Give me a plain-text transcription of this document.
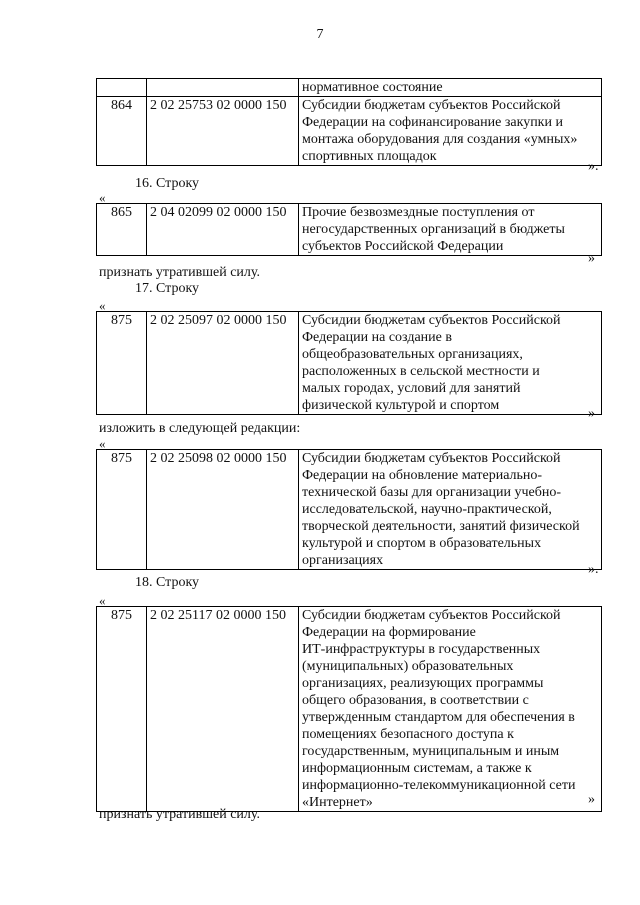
7

		нормативное состояние

864	2 02 25753 02 0000 150	Субсидии бюджетам субъектов Российской
Федерации на софинансирование закупки и
монтажа оборудования для создания «умных»
спортивных площадок
».
16. Строку
«
865	2 04 02099 02 0000 150	Прочие безвозмездные поступления от
негосударственных организаций в бюджеты
субъектов Российской Федерации
»
признать утратившей силу.
17. Строку
«
875	2 02 25097 02 0000 150	Субсидии бюджетам субъектов Российской
Федерации на создание в
общеобразовательных организациях,
расположенных в сельской местности и
малых городах, условий для занятий
физической культурой и спортом
»
изложить в следующей редакции:
«
875	2 02 25098 02 0000 150	Субсидии бюджетам субъектов Российской
Федерации на обновление материально-
технической базы для организации учебно-
исследовательской, научно-практической,
творческой деятельности, занятий физической
культурой и спортом в образовательных
организациях
».
18. Строку
«
875	2 02 25117 02 0000 150	Субсидии бюджетам субъектов Российской
Федерации на формирование
ИТ-инфраструктуры в государственных
(муниципальных) образовательных
организациях, реализующих программы
общего образования, в соответствии с
утвержденным стандартом для обеспечения в
помещениях безопасного доступа к
государственным, муниципальным и иным
информационным системам, а также к
информационно-телекоммуникационной сети
«Интернет»	»
признать утратившей силу.
